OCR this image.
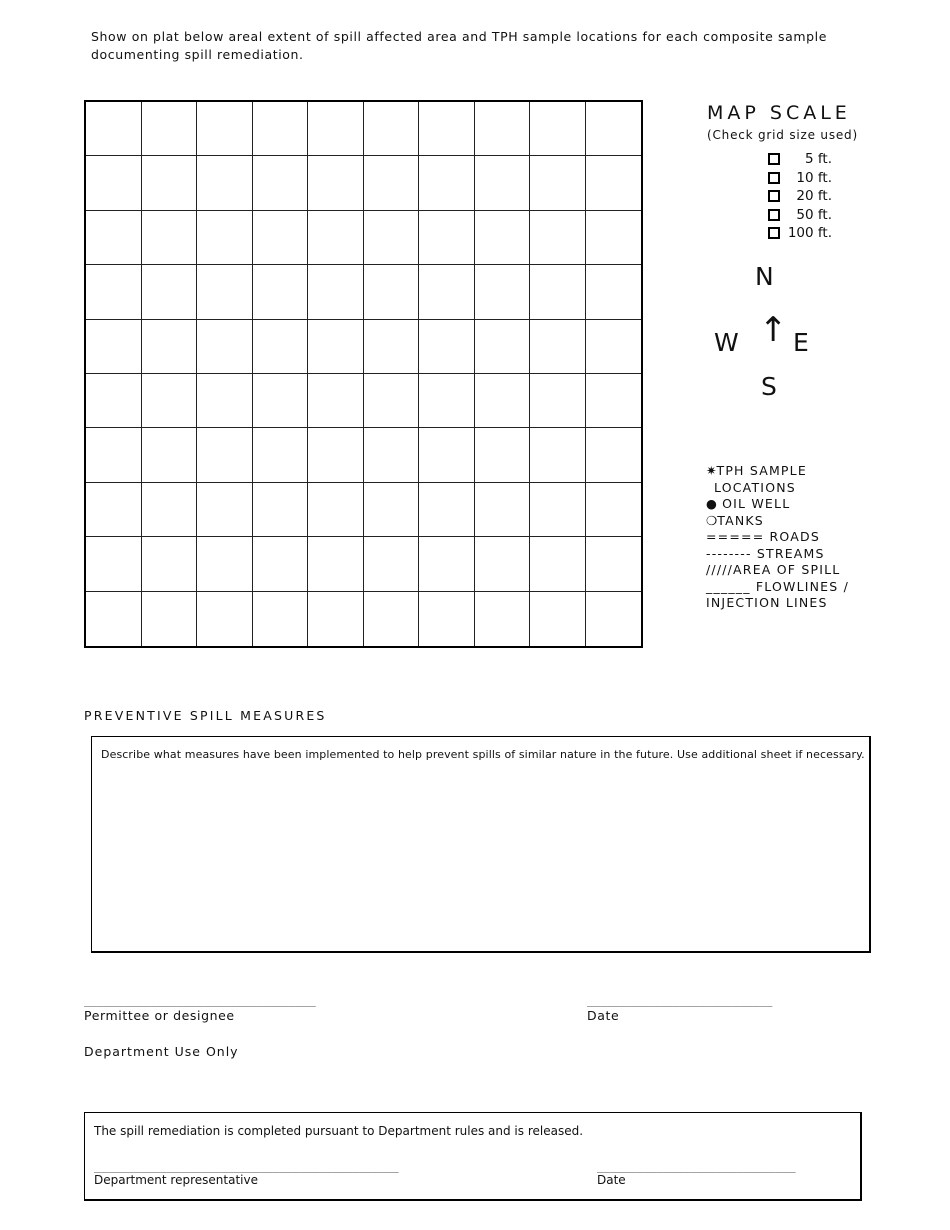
Show on plat below areal extent of spill affected area and TPH sample locations for each composite sample documenting spill remediation.
MAP SCALE
(Check grid size used)
5 ft.
10 ft.
20 ft.
50 ft.
100 ft.
N
W ↑ E
S
✷TPH SAMPLE
LOCATIONS
● OIL WELL
❍TANKS
===== ROADS
-------- STREAMS
/////AREA OF SPILL
______ FLOWLINES /
INJECTION LINES
PREVENTIVE SPILL MEASURES
Describe what measures have been implemented to help prevent spills of similar nature in the future. Use additional sheet if necessary.
___________________________________
Permittee or designee
____________________________
Date
Department Use Only
The spill remediation is completed pursuant to Department rules and is released.
______________________________________________
Department representative
______________________________
Date
